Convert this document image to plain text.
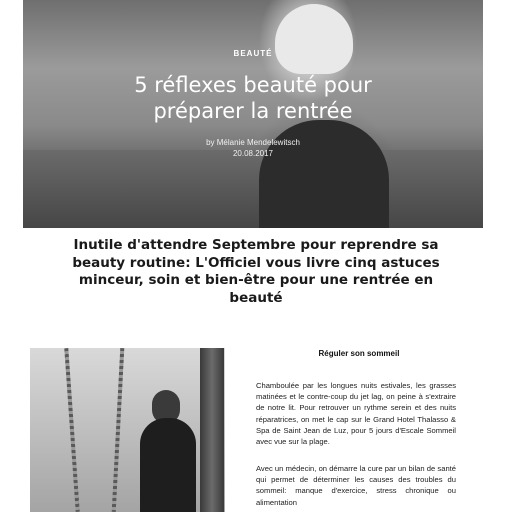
BEAUTÉ
5 réflexes beauté pour
préparer la rentrée
by Mélanie Mendelewitsch
20.08.2017

Inutile d'attendre Septembre pour reprendre sa beauty routine: L'Officiel vous livre cinq astuces minceur, soin et bien-être pour une rentrée en beauté

Réguler son sommeil

Chamboulée par les longues nuits estivales, les grasses matinées et le contre-coup du jet lag, on peine à s'extraire de notre lit. Pour retrouver un rythme serein et des nuits réparatrices, on met le cap sur le Grand Hotel Thalasso & Spa de Saint Jean de Luz, pour 5 jours d'Escale Sommeil avec vue sur la plage.

Avec un médecin, on démarre la cure par un bilan de santé qui permet de déterminer les causes des troubles du sommeil: manque d'exercice, stress chronique ou alimentation
